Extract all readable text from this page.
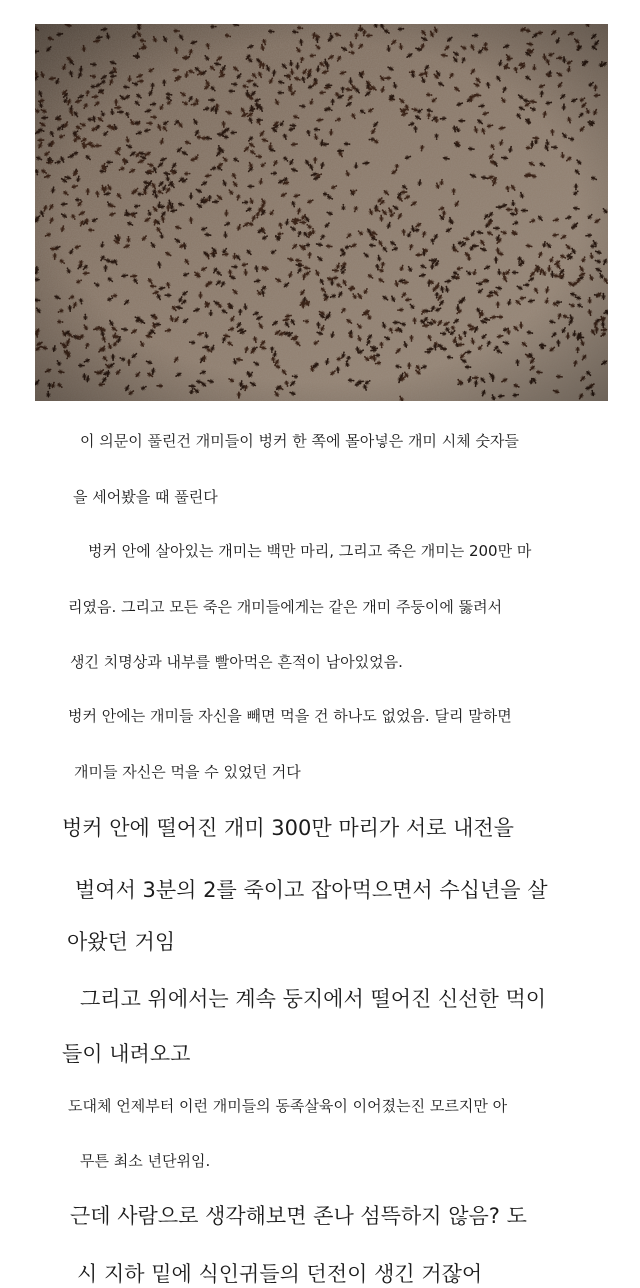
이 의문이 풀린건 개미들이 벙커 한 쪽에 몰아넣은 개미 시체 숫자들
을 세어봤을 때 풀린다
벙커 안에 살아있는 개미는 백만 마리, 그리고 죽은 개미는 200만 마
리였음. 그리고 모든 죽은 개미들에게는 같은 개미 주둥이에 뚫려서
생긴 치명상과 내부를 빨아먹은 흔적이 남아있었음.
벙커 안에는 개미들 자신을 빼면 먹을 건 하나도 없었음. 달리 말하면
개미들 자신은 먹을 수 있었던 거다
벙커 안에 떨어진 개미 300만 마리가 서로 내전을
벌여서 3분의 2를 죽이고 잡아먹으면서 수십년을 살
아왔던 거임
그리고 위에서는 계속 둥지에서 떨어진 신선한 먹이
들이 내려오고
도대체 언제부터 이런 개미들의 동족살육이 이어졌는진 모르지만 아
무튼 최소 년단위임.
근데 사람으로 생각해보면 존나 섬뜩하지 않음? 도
시 지하 밑에 식인귀들의 던전이 생긴 거잖어
